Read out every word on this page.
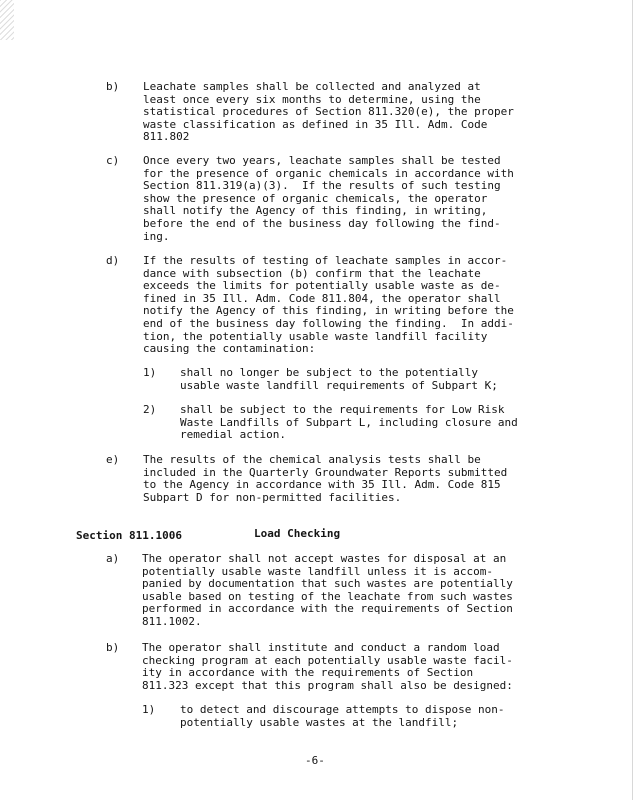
b) Leachate samples shall be collected and analyzed at
least once every six months to determine, using the
statistical procedures of Section 811.320(e), the proper
waste classification as defined in 35 Ill. Adm. Code
811.802
c) Once every two years, leachate samples shall be tested
for the presence of organic chemicals in accordance with
Section 811.319(a)(3).  If the results of such testing
show the presence of organic chemicals, the operator
shall notify the Agency of this finding, in writing,
before the end of the business day following the find-
ing.
d) If the results of testing of leachate samples in accor-
dance with subsection (b) confirm that the leachate
exceeds the limits for potentially usable waste as de-
fined in 35 Ill. Adm. Code 811.804, the operator shall
notify the Agency of this finding, in writing before the
end of the business day following the finding.  In addi-
tion, the potentially usable waste landfill facility
causing the contamination:
1) shall no longer be subject to the potentially
usable waste landfill requirements of Subpart K;
2) shall be subject to the requirements for Low Risk
Waste Landfills of Subpart L, including closure and
remedial action.
e) The results of the chemical analysis tests shall be
included in the Quarterly Groundwater Reports submitted
to the Agency in accordance with 35 Ill. Adm. Code 815
Subpart D for non-permitted facilities.
Section 811.1006	Load Checking
a) The operator shall not accept wastes for disposal at an
potentially usable waste landfill unless it is accom-
panied by documentation that such wastes are potentially
usable based on testing of the leachate from such wastes
performed in accordance with the requirements of Section
811.1002.
b) The operator shall institute and conduct a random load
checking program at each potentially usable waste facil-
ity in accordance with the requirements of Section
811.323 except that this program shall also be designed:
1) to detect and discourage attempts to dispose non-
potentially usable wastes at the landfill;
-6-
